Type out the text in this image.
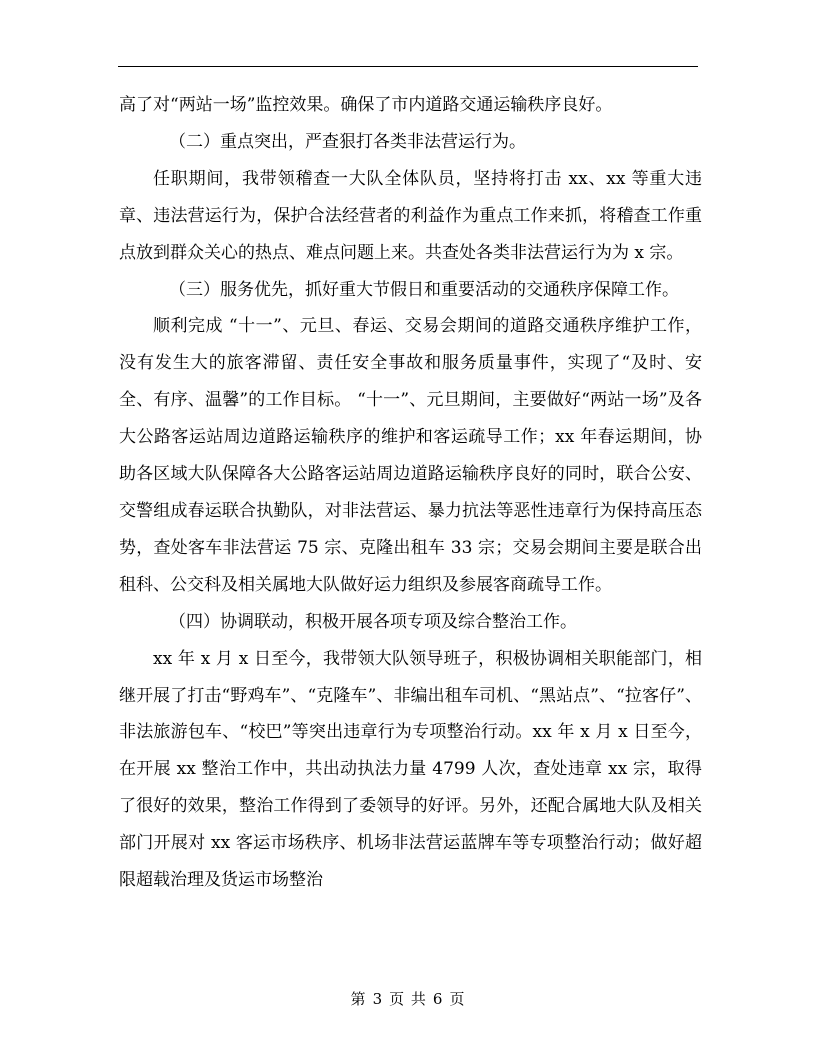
高了对“两站一场”监控效果。确保了市内道路交通运输秩序良好。

（二）重点突出，严查狠打各类非法营运行为。

任职期间，我带领稽查一大队全体队员，坚持将打击 xx、xx 等重大违章、违法营运行为，保护合法经营者的利益作为重点工作来抓，将稽查工作重点放到群众关心的热点、难点问题上来。共查处各类非法营运行为为 x 宗。

（三）服务优先，抓好重大节假日和重要活动的交通秩序保障工作。

顺利完成 “十一”、元旦、春运、交易会期间的道路交通秩序维护工作，没有发生大的旅客滞留、责任安全事故和服务质量事件，实现了“及时、安全、有序、温馨”的工作目标。 “十一”、元旦期间，主要做好“两站一场”及各大公路客运站周边道路运输秩序的维护和客运疏导工作；xx 年春运期间，协助各区域大队保障各大公路客运站周边道路运输秩序良好的同时，联合公安、交警组成春运联合执勤队，对非法营运、暴力抗法等恶性违章行为保持高压态势，查处客车非法营运 75 宗、克隆出租车 33 宗；交易会期间主要是联合出租科、公交科及相关属地大队做好运力组织及参展客商疏导工作。

（四）协调联动，积极开展各项专项及综合整治工作。

xx 年 x 月 x 日至今，我带领大队领导班子，积极协调相关职能部门，相继开展了打击“野鸡车”、“克隆车”、非编出租车司机、“黑站点”、“拉客仔”、非法旅游包车、“校巴”等突出违章行为专项整治行动。xx 年 x 月 x 日至今，在开展 xx 整治工作中，共出动执法力量 4799 人次，查处违章 xx 宗，取得了很好的效果，整治工作得到了委领导的好评。另外，还配合属地大队及相关部门开展对 xx 客运市场秩序、机场非法营运蓝牌车等专项整治行动；做好超限超载治理及货运市场整治

第 3 页 共 6 页
